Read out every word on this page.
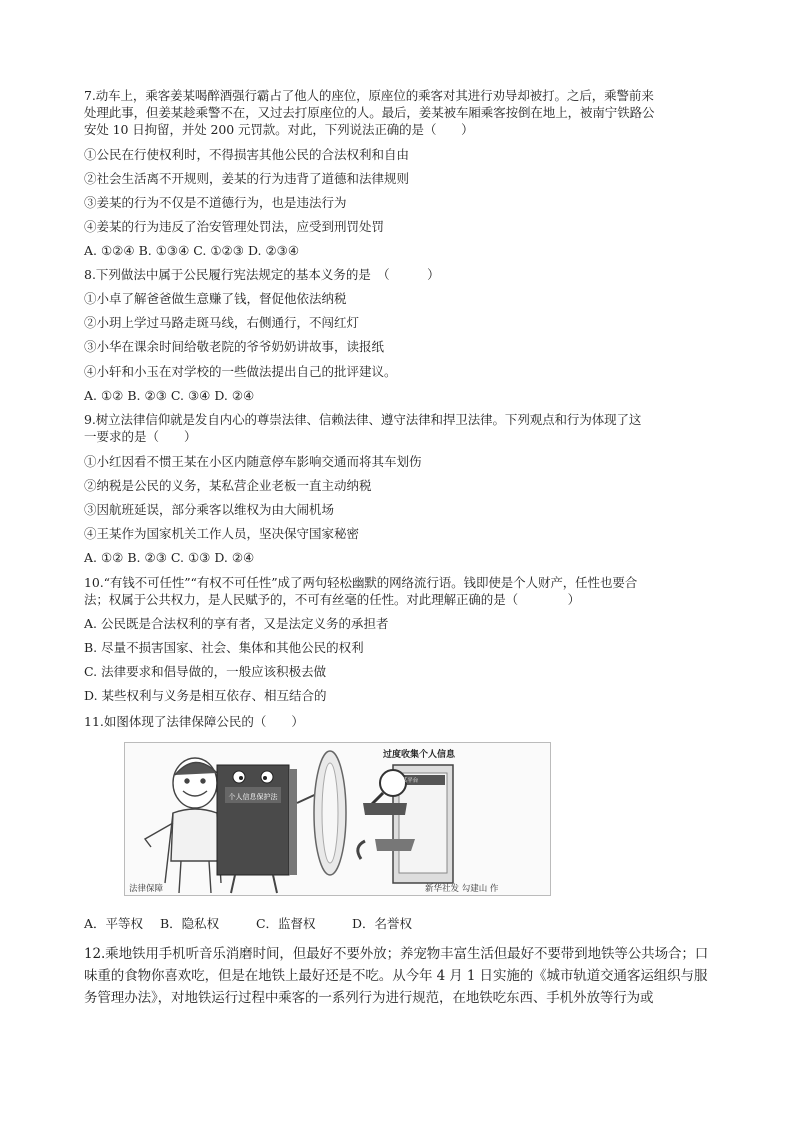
7.动车上，乘客姜某喝醉酒强行霸占了他人的座位，原座位的乘客对其进行劝导却被打。之后，乘警前来
处理此事，但姜某趁乘警不在，又过去打原座位的人。最后，姜某被车厢乘客按倒在地上，被南宁铁路公
安处 10 日拘留，并处 200 元罚款。对此，下列说法正确的是（　　）
①公民在行使权利时，不得损害其他公民的合法权利和自由
②社会生活离不开规则，姜某的行为违背了道德和法律规则
③姜某的行为不仅是不道德行为，也是违法行为
④姜某的行为违反了治安管理处罚法，应受到刑罚处罚
A. ①②④ B. ①③④ C. ①②③ D. ②③④
8.下列做法中属于公民履行宪法规定的基本义务的是　（　　　）
①小卓了解爸爸做生意赚了钱，督促他依法纳税
②小玥上学过马路走斑马线，右侧通行，不闯红灯
③小华在课余时间给敬老院的爷爷奶奶讲故事，读报纸
④小轩和小玉在对学校的一些做法提出自己的批评建议。
A. ①② B. ②③ C. ③④ D. ②④
9.树立法律信仰就是发自内心的尊崇法律、信赖法律、遵守法律和捍卫法律。下列观点和行为体现了这
一要求的是（　　）
①小红因看不惯王某在小区内随意停车影响交通而将其车划伤
②纳税是公民的义务，某私营企业老板一直主动纳税
③因航班延误，部分乘客以维权为由大闹机场
④王某作为国家机关工作人员，坚决保守国家秘密
A. ①② B. ②③ C. ①③ D. ②④
10.“有钱不可任性”“有权不可任性”成了两句轻松幽默的网络流行语。钱即使是个人财产，任性也要合
法；权属于公共权力，是人民赋予的，不可有丝毫的任性。对此理解正确的是（　　　　）
A. 公民既是合法权利的享有者，又是法定义务的承担者
B. 尽量不损害国家、社会、集体和其他公民的权利
C. 法律要求和倡导做的，一般应该积极去做
D. 某些权利与义务是相互依存、相互结合的
11.如图体现了法律保障公民的（　　）
个人信息保护法
某平台
过度收集个人信息
法律保障	新华社发 勾建山 作
A．平等权 B．隐私权	C．监督权	D．名誉权
12.乘地铁用手机听音乐消磨时间，但最好不要外放；养宠物丰富生活但最好不要带到地铁等公共场合；口
味重的食物你喜欢吃，但是在地铁上最好还是不吃。从今年 4 月 1 日实施的《城市轨道交通客运组织与服
务管理办法》，对地铁运行过程中乘客的一系列行为进行规范，在地铁吃东西、手机外放等行为或
